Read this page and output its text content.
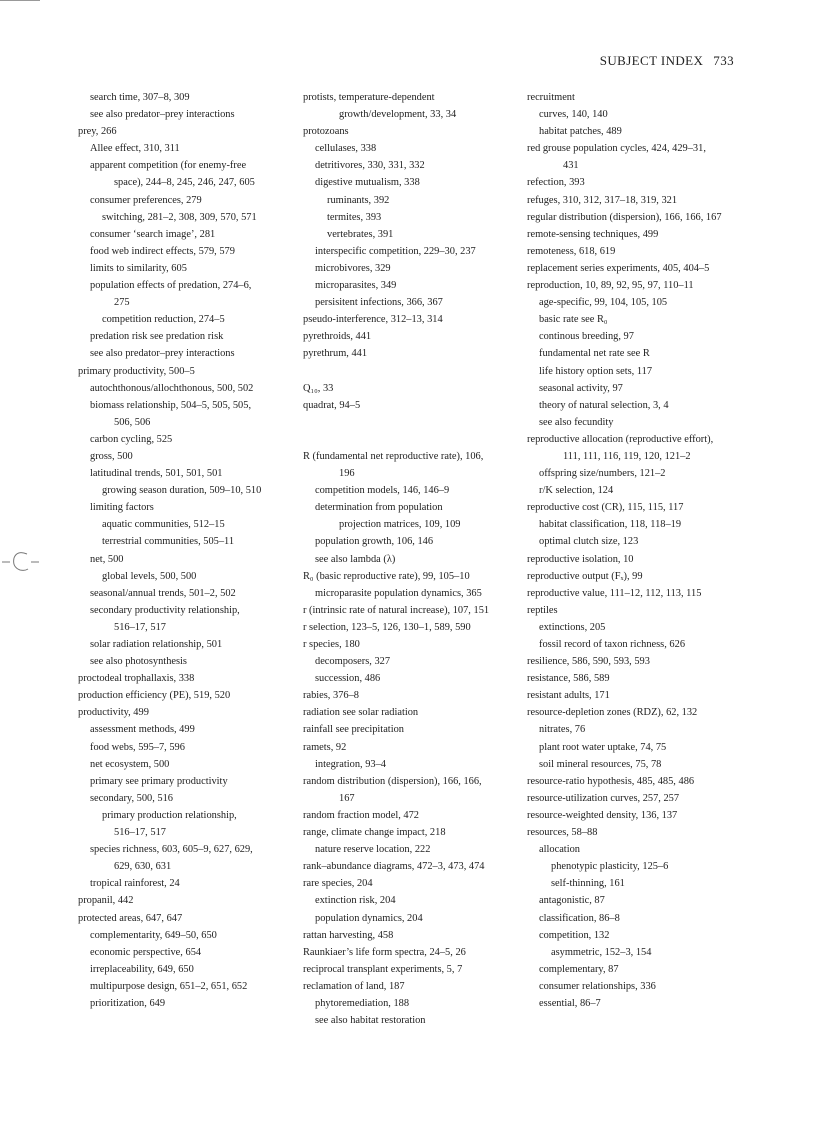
SUBJECT INDEX 733
search time, 307–8, 309
see also predator–prey interactions
prey, 266
Allee effect, 310, 311
apparent competition (for enemy-free
space), 244–8, 245, 246, 247, 605
consumer preferences, 279
switching, 281–2, 308, 309, 570, 571
consumer ‘search image’, 281
food web indirect effects, 579, 579
limits to similarity, 605
population effects of predation, 274–6,
275
competition reduction, 274–5
predation risk see predation risk
see also predator–prey interactions
primary productivity, 500–5
autochthonous/allochthonous, 500, 502
biomass relationship, 504–5, 505, 505,
506, 506
carbon cycling, 525
gross, 500
latitudinal trends, 501, 501, 501
growing season duration, 509–10, 510
limiting factors
aquatic communities, 512–15
terrestrial communities, 505–11
net, 500
global levels, 500, 500
seasonal/annual trends, 501–2, 502
secondary productivity relationship,
516–17, 517
solar radiation relationship, 501
see also photosynthesis
proctodeal trophallaxis, 338
production efficiency (PE), 519, 520
productivity, 499
assessment methods, 499
food webs, 595–7, 596
net ecosystem, 500
primary see primary productivity
secondary, 500, 516
primary production relationship,
516–17, 517
species richness, 603, 605–9, 627, 629,
629, 630, 631
tropical rainforest, 24
propanil, 442
protected areas, 647, 647
complementarity, 649–50, 650
economic perspective, 654
irreplaceability, 649, 650
multipurpose design, 651–2, 651, 652
prioritization, 649
protists, temperature-dependent
growth/development, 33, 34
protozoans
cellulases, 338
detritivores, 330, 331, 332
digestive mutualism, 338
ruminants, 392
termites, 393
vertebrates, 391
interspecific competition, 229–30, 237
microbivores, 329
microparasites, 349
persisitent infections, 366, 367
pseudo-interference, 312–13, 314
pyrethroids, 441
pyrethrum, 441
Q₁₀, 33
quadrat, 94–5
R (fundamental net reproductive rate), 106,
196
competition models, 146, 146–9
determination from population
projection matrices, 109, 109
population growth, 106, 146
see also lambda (λ)
R₀ (basic reproductive rate), 99, 105–10
microparasite population dynamics, 365
r (intrinsic rate of natural increase), 107, 151
r selection, 123–5, 126, 130–1, 589, 590
r species, 180
decomposers, 327
succession, 486
rabies, 376–8
radiation see solar radiation
rainfall see precipitation
ramets, 92
integration, 93–4
random distribution (dispersion), 166, 166,
167
random fraction model, 472
range, climate change impact, 218
nature reserve location, 222
rank–abundance diagrams, 472–3, 473, 474
rare species, 204
extinction risk, 204
population dynamics, 204
rattan harvesting, 458
Raunkiaer’s life form spectra, 24–5, 26
reciprocal transplant experiments, 5, 7
reclamation of land, 187
phytoremediation, 188
see also habitat restoration
recruitment
curves, 140, 140
habitat patches, 489
red grouse population cycles, 424, 429–31,
431
refection, 393
refuges, 310, 312, 317–18, 319, 321
regular distribution (dispersion), 166, 166, 167
remote-sensing techniques, 499
remoteness, 618, 619
replacement series experiments, 405, 404–5
reproduction, 10, 89, 92, 95, 97, 110–11
age-specific, 99, 104, 105, 105
basic rate see R₀
continous breeding, 97
fundamental net rate see R
life history option sets, 117
seasonal activity, 97
theory of natural selection, 3, 4
see also fecundity
reproductive allocation (reproductive effort),
111, 111, 116, 119, 120, 121–2
offspring size/numbers, 121–2
r/K selection, 124
reproductive cost (CR), 115, 115, 117
habitat classification, 118, 118–19
optimal clutch size, 123
reproductive isolation, 10
reproductive output (Fₓ), 99
reproductive value, 111–12, 112, 113, 115
reptiles
extinctions, 205
fossil record of taxon richness, 626
resilience, 586, 590, 593, 593
resistance, 586, 589
resistant adults, 171
resource-depletion zones (RDZ), 62, 132
nitrates, 76
plant root water uptake, 74, 75
soil mineral resources, 75, 78
resource-ratio hypothesis, 485, 485, 486
resource-utilization curves, 257, 257
resource-weighted density, 136, 137
resources, 58–88
allocation
phenotypic plasticity, 125–6
self-thinning, 161
antagonistic, 87
classification, 86–8
competition, 132
asymmetric, 152–3, 154
complementary, 87
consumer relationships, 336
essential, 86–7
